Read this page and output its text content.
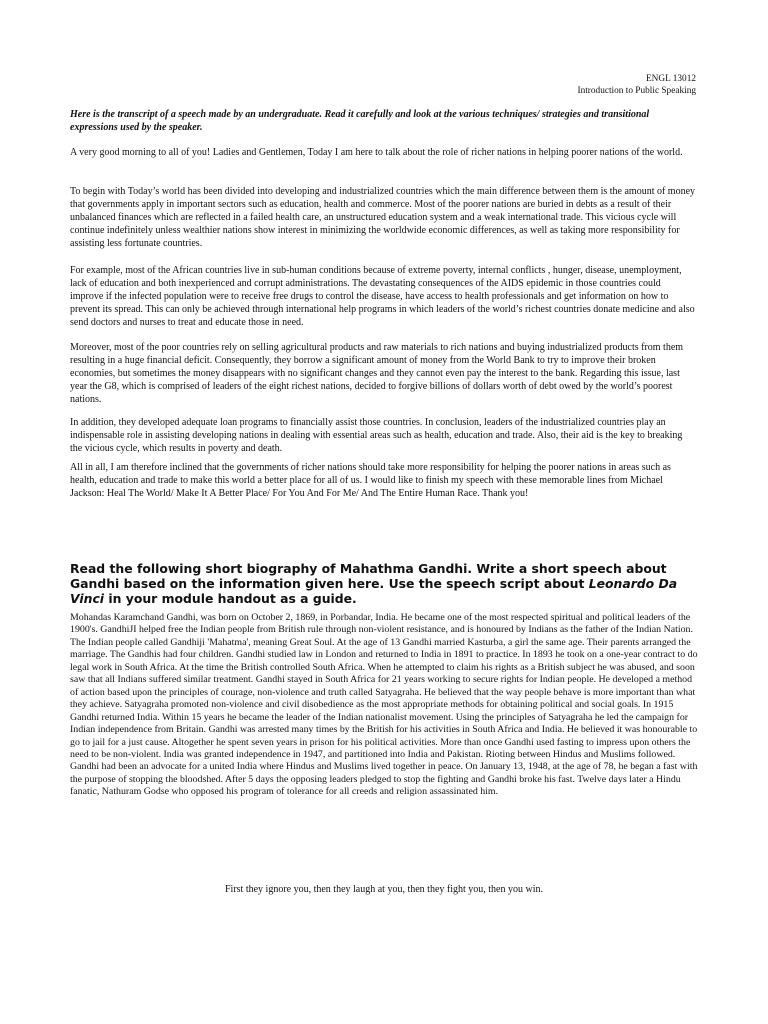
ENGL 13012
Introduction to Public Speaking
Here is the transcript of a speech made by an undergraduate. Read it carefully and look at the various techniques/ strategies and transitional expressions used by the speaker.
A very good morning to all of you! Ladies and Gentlemen, Today I am here to talk about the role of richer nations in helping poorer nations of the world.
To begin with Today’s world has been divided into developing and industrialized countries which the main difference between them is the amount of money that governments apply in important sectors such as education, health and commerce. Most of the poorer nations are buried in debts as a result of their unbalanced finances which are reflected in a failed health care, an unstructured education system and a weak international trade. This vicious cycle will continue indefinitely unless wealthier nations show interest in minimizing the worldwide economic differences, as well as taking more responsibility for assisting less fortunate countries.
For example, most of the African countries live in sub-human conditions because of extreme poverty, internal conflicts , hunger, disease, unemployment, lack of education and both inexperienced and corrupt administrations. The devastating consequences of the AIDS epidemic in those countries could improve if the infected population were to receive free drugs to control the disease, have access to health professionals and get information on how to prevent its spread. This can only be achieved through international help programs in which leaders of the world’s richest countries donate medicine and also send doctors and nurses to treat and educate those in need.
Moreover, most of the poor countries rely on selling agricultural products and raw materials to rich nations and buying industrialized products from them resulting in a huge financial deficit. Consequently, they borrow a significant amount of money from the World Bank to try to improve their broken economies, but sometimes the money disappears with no significant changes and they cannot even pay the interest to the bank. Regarding this issue, last year the G8, which is comprised of leaders of the eight richest nations, decided to forgive billions of dollars worth of debt owed by the world’s poorest nations.
In addition, they developed adequate loan programs to financially assist those countries. In conclusion, leaders of the industrialized countries play an indispensable role in assisting developing nations in dealing with essential areas such as health, education and trade. Also, their aid is the key to breaking the vicious cycle, which results in poverty and death.
All in all, I am therefore inclined that the governments of richer nations should take more responsibility for helping the poorer nations in areas such as health, education and trade to make this world a better place for all of us. I would like to finish my speech with these memorable lines from Michael Jackson: Heal The World/ Make It A Better Place/ For You And For Me/ And The Entire Human Race. Thank you!
Read the following short biography of Mahathma Gandhi. Write a short speech about Gandhi based on the information given here. Use the speech script about Leonardo Da Vinci in your module handout as a guide.
Mohandas Karamchand Gandhi, was born on October 2, 1869, in Porbandar, India. He became one of the most respected spiritual and political leaders of the 1900's. GandhiJI helped free the Indian people from British rule through non-violent resistance, and is honoured by Indians as the father of the Indian Nation. The Indian people called Gandhiji 'Mahatma', meaning Great Soul. At the age of 13 Gandhi married Kasturba, a girl the same age. Their parents arranged the marriage. The Gandhis had four children. Gandhi studied law in London and returned to India in 1891 to practice. In 1893 he took on a one-year contract to do legal work in South Africa. At the time the British controlled South Africa. When he attempted to claim his rights as a British subject he was abused, and soon saw that all Indians suffered similar treatment. Gandhi stayed in South Africa for 21 years working to secure rights for Indian people. He developed a method of action based upon the principles of courage, non-violence and truth called Satyagraha. He believed that the way people behave is more important than what they achieve. Satyagraha promoted non-violence and civil disobedience as the most appropriate methods for obtaining political and social goals. In 1915 Gandhi returned India. Within 15 years he became the leader of the Indian nationalist movement. Using the principles of Satyagraha he led the campaign for Indian independence from Britain. Gandhi was arrested many times by the British for his activities in South Africa and India. He believed it was honourable to go to jail for a just cause. Altogether he spent seven years in prison for his political activities. More than once Gandhi used fasting to impress upon others the need to be non-violent. India was granted independence in 1947, and partitioned into India and Pakistan. Rioting between Hindus and Muslims followed. Gandhi had been an advocate for a united India where Hindus and Muslims lived together in peace. On January 13, 1948, at the age of 78, he began a fast with the purpose of stopping the bloodshed. After 5 days the opposing leaders pledged to stop the fighting and Gandhi broke his fast. Twelve days later a Hindu fanatic, Nathuram Godse who opposed his program of tolerance for all creeds and religion assassinated him.
First they ignore you, then they laugh at you, then they fight you, then you win.
